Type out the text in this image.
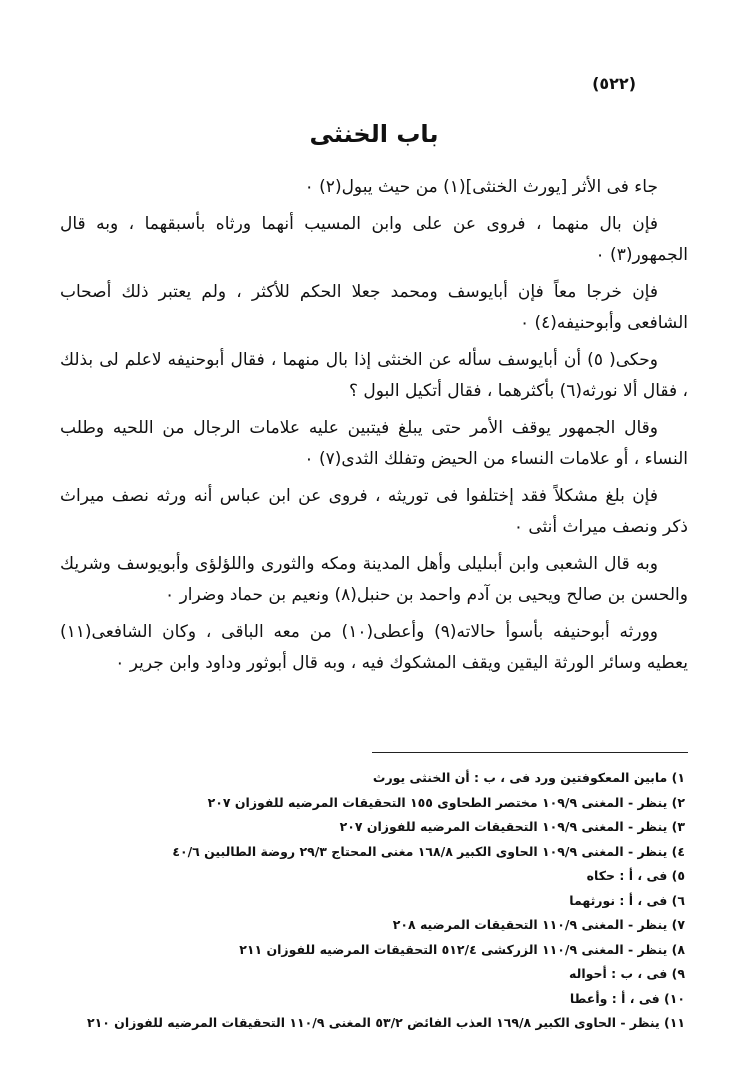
(٥٢٢)
باب الخنثى

جاء فى الأثر [يورث الخنثى](١) من حيث يبول(٢) ٠

فإن بال منهما ، فروى عن على وابن المسيب أنهما ورثاه بأسبقهما ، وبه قال الجمهور(٣) ٠

فإن خرجا معاً فإن أبايوسف ومحمد جعلا الحكم للأكثر ، ولم يعتبر ذلك أصحاب الشافعى وأبوحنيفه(٤) ٠

وحكى( ٥) أن أبايوسف سأله عن الخنثى إذا بال منهما ، فقال أبوحنيفه لاعلم لى بذلك ، فقال ألا نورثه(٦) بأكثرهما ، فقال أتكيل البول ؟

وقال الجمهور يوقف الأمر حتى يبلغ فيتبين عليه علامات الرجال من اللحيه وطلب النساء ، أو علامات النساء من الحيض وتفلك الثدى(٧) ٠

فإن بلغ مشكلاً فقد إختلفوا فى توريثه ، فروى عن ابن عباس أنه ورثه نصف ميراث ذكر ونصف ميراث أنثى ٠

وبه قال الشعبى وابن أبىليلى وأهل المدينة ومكه والثورى واللؤلؤى وأبويوسف وشريك والحسن بن صالح ويحيى بن آدم واحمد بن حنبل(٨) ونعيم بن حماد وضرار ٠

وورثه أبوحنيفه بأسوأ حالاته(٩) وأعطى(١٠) من معه الباقى ، وكان الشافعى(١١) يعطيه وسائر الورثة اليقين ويقف المشكوك فيه ، وبه قال أبوثور وداود وابن جرير ٠

١) مابين المعكوفتين ورد فى ، ب : أن الخنثى يورث

٢) ينظر - المغنى ١٠٩/٩ مختصر الطحاوى ١٥٥ التحقيقات المرضيه للفوزان ٢٠٧

٣) ينظر - المغنى ١٠٩/٩ التحقيقات المرضيه للفوزان ٢٠٧

٤) ينظر - المغنى ١٠٩/٩ الحاوى الكبير ١٦٨/٨ مغنى المحتاج ٢٩/٣ روضة الطالبين ٤٠/٦

٥) فى ، أ : حكاه

٦) فى ، أ : نورثهما

٧) ينظر - المغنى ١١٠/٩ التحقيقات المرضيه ٢٠٨

٨) ينظر - المغنى ١١٠/٩ الزركشى ٥١٢/٤ التحقيقات المرضيه للفوزان ٢١١

٩) فى ، ب : أحواله

١٠) فى ، أ : وأعطا

١١) ينظر - الحاوى الكبير ١٦٩/٨ العذب الفائض ٥٣/٢ المغنى ١١٠/٩ التحقيقات المرضيه للفوزان ٢١٠
